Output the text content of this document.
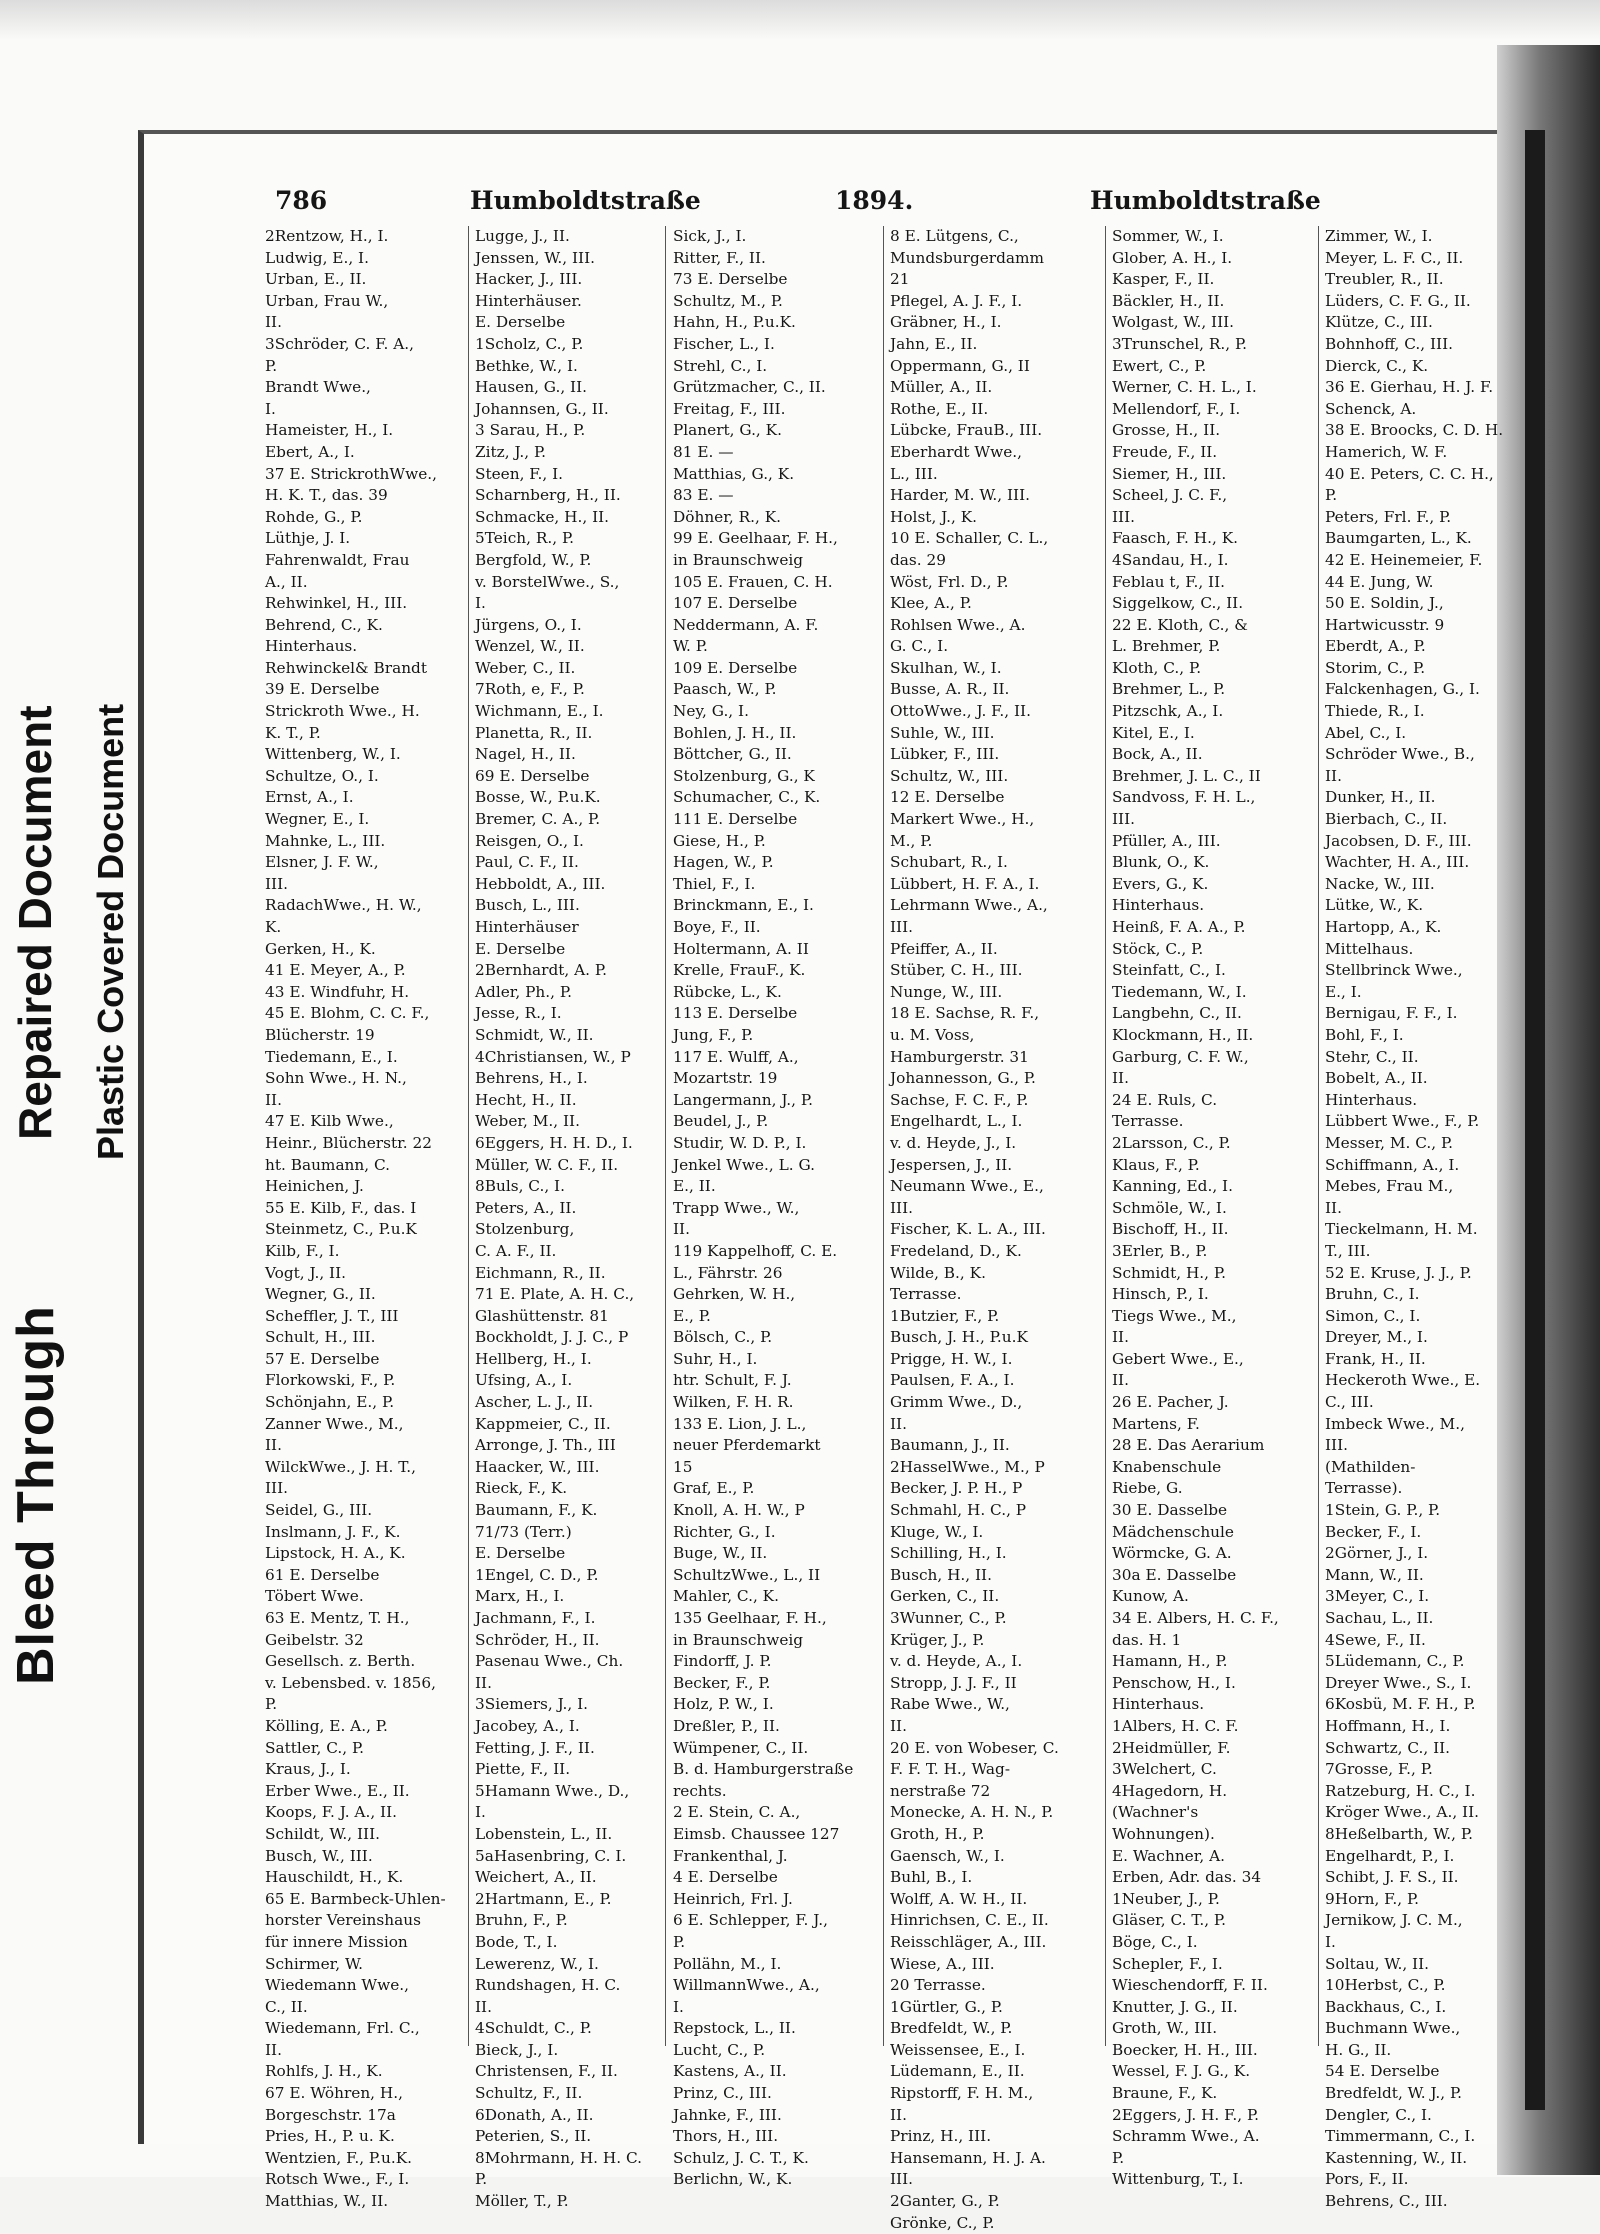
Bleed Through
Repaired Document Plastic Covered Document
786	Humboldtstraße	1894.	Humboldtstraße
2Rentzow, H., I.
Ludwig, E., I.
Urban, E., II.
Urban, Frau W.,
II.
3Schröder, C. F. A.,
P.
Brandt Wwe.,
I.
Hameister, H., I.
Ebert, A., I.
37 E. StrickrothWwe.,
H. K. T., das. 39
Rohde, G., P.
Lüthje, J. I.
Fahrenwaldt, Frau
A., II.
Rehwinkel, H., III.
Behrend, C., K.
Hinterhaus.
Rehwinckel& Brandt
39 E. Derselbe
Strickroth Wwe., H.
K. T., P.
Wittenberg, W., I.
Schultze, O., I.
Ernst, A., I.
Wegner, E., I.
Mahnke, L., III.
Elsner, J. F. W.,
III.
RadachWwe., H. W.,
K.
Gerken, H., K.
41 E. Meyer, A., P.
43 E. Windfuhr, H.
45 E. Blohm, C. C. F.,
Blücherstr. 19
Tiedemann, E., I.
Sohn Wwe., H. N.,
II.
47 E. Kilb Wwe.,
Heinr., Blücherstr. 22
ht. Baumann, C.
Heinichen, J.
55 E. Kilb, F., das. I
Steinmetz, C., P.u.K
Kilb, F., I.
Vogt, J., II.
Wegner, G., II.
Scheffler, J. T., III
Schult, H., III.
57 E. Derselbe
Florkowski, F., P.
Schönjahn, E., P.
Zanner Wwe., M.,
II.
WilckWwe., J. H. T.,
III.
Seidel, G., III.
Inslmann, J. F., K.
Lipstock, H. A., K.
61 E. Derselbe
Töbert Wwe.
63 E. Mentz, T. H.,
Geibelstr. 32
Gesellsch. z. Berth.
v. Lebensbed. v. 1856,
P.
Kölling, E. A., P.
Sattler, C., P.
Kraus, J., I.
Erber Wwe., E., II.
Koops, F. J. A., II.
Schildt, W., III.
Busch, W., III.
Hauschildt, H., K.
65 E. Barmbeck-Uhlen-
horster Vereinshaus
für innere Mission
Schirmer, W.
Wiedemann Wwe.,
C., II.
Wiedemann, Frl. C.,
II.
Rohlfs, J. H., K.
67 E. Wöhren, H.,
Borgeschstr. 17a
Pries, H., P. u. K.
Wentzien, F., P.u.K.
Rotsch Wwe., F., I.
Matthias, W., II.
Lugge, J., II.
Jenssen, W., III.
Hacker, J., III.
Hinterhäuser.
E. Derselbe
1Scholz, C., P.
Bethke, W., I.
Hausen, G., II.
Johannsen, G., II.
3 Sarau, H., P.
Zitz, J., P.
Steen, F., I.
Scharnberg, H., II.
Schmacke, H., II.
5Teich, R., P.
Bergfold, W., P.
v. BorstelWwe., S.,
I.
Jürgens, O., I.
Wenzel, W., II.
Weber, C., II.
7Roth, e, F., P.
Wichmann, E., I.
Planetta, R., II.
Nagel, H., II.
69 E. Derselbe
Bosse, W., P.u.K.
Bremer, C. A., P.
Reisgen, O., I.
Paul, C. F., II.
Hebboldt, A., III.
Busch, L., III.
Hinterhäuser
E. Derselbe
2Bernhardt, A. P.
Adler, Ph., P.
Jesse, R., I.
Schmidt, W., II.
4Christiansen, W., P
Behrens, H., I.
Hecht, H., II.
Weber, M., II.
6Eggers, H. H. D., I.
Müller, W. C. F., II.
8Buls, C., I.
Peters, A., II.
Stolzenburg,
C. A. F., II.
Eichmann, R., II.
71 E. Plate, A. H. C.,
Glashüttenstr. 81
Bockholdt, J. J. C., P
Hellberg, H., I.
Ufsing, A., I.
Ascher, L. J., II.
Kappmeier, C., II.
Arronge, J. Th., III
Haacker, W., III.
Rieck, F., K.
Baumann, F., K.
71/73 (Terr.)
E. Derselbe
1Engel, C. D., P.
Marx, H., I.
Jachmann, F., I.
Schröder, H., II.
Pasenau Wwe., Ch.
II.
3Siemers, J., I.
Jacobey, A., I.
Fetting, J. F., II.
Piette, F., II.
5Hamann Wwe., D.,
I.
Lobenstein, L., II.
5aHasenbring, C. I.
Weichert, A., II.
2Hartmann, E., P.
Bruhn, F., P.
Bode, T., I.
Lewerenz, W., I.
Rundshagen, H. C.
II.
4Schuldt, C., P.
Bieck, J., I.
Christensen, F., II.
Schultz, F., II.
6Donath, A., II.
Peterien, S., II.
8Mohrmann, H. H. C.
P.
Möller, T., P.
Sick, J., I.
Ritter, F., II.
73 E. Derselbe
Schultz, M., P.
Hahn, H., P.u.K.
Fischer, L., I.
Strehl, C., I.
Grützmacher, C., II.
Freitag, F., III.
Planert, G., K.
81 E. —
Matthias, G., K.
83 E. —
Döhner, R., K.
99 E. Geelhaar, F. H.,
in Braunschweig
105 E. Frauen, C. H.
107 E. Derselbe
Neddermann, A. F.
W. P.
109 E. Derselbe
Paasch, W., P.
Ney, G., I.
Bohlen, J. H., II.
Böttcher, G., II.
Stolzenburg, G., K
Schumacher, C., K.
111 E. Derselbe
Giese, H., P.
Hagen, W., P.
Thiel, F., I.
Brinckmann, E., I.
Boye, F., II.
Holtermann, A. II
Krelle, FrauF., K.
Rübcke, L., K.
113 E. Derselbe
Jung, F., P.
117 E. Wulff, A.,
Mozartstr. 19
Langermann, J., P.
Beudel, J., P.
Studir, W. D. P., I.
Jenkel Wwe., L. G.
E., II.
Trapp Wwe., W.,
II.
119 Kappelhoff, C. E.
L., Fährstr. 26
Gehrken, W. H.,
E., P.
Bölsch, C., P.
Suhr, H., I.
htr. Schult, F. J.
Wilken, F. H. R.
133 E. Lion, J. L.,
neuer Pferdemarkt
15
Graf, E., P.
Knoll, A. H. W., P
Richter, G., I.
Buge, W., II.
SchultzWwe., L., II
Mahler, C., K.
135 Geelhaar, F. H.,
in Braunschweig
Findorff, J. P.
Becker, F., P.
Holz, P. W., I.
Dreßler, P., II.
Wümpener, C., II.
B. d. Hamburgerstraße
rechts.
2 E. Stein, C. A.,
Eimsb. Chaussee 127
Frankenthal, J.
4 E. Derselbe
Heinrich, Frl. J.
6 E. Schlepper, F. J.,
P.
Pollähn, M., I.
WillmannWwe., A.,
I.
Repstock, L., II.
Lucht, C., P.
Kastens, A., II.
Prinz, C., III.
Jahnke, F., III.
Thors, H., III.
Schulz, J. C. T., K.
Berlichn, W., K.
8 E. Lütgens, C.,
Mundsburgerdamm
21
Pflegel, A. J. F., I.
Gräbner, H., I.
Jahn, E., II.
Oppermann, G., II
Müller, A., II.
Rothe, E., II.
Lübcke, FrauB., III.
Eberhardt Wwe.,
L., III.
Harder, M. W., III.
Holst, J., K.
10 E. Schaller, C. L.,
das. 29
Wöst, Frl. D., P.
Klee, A., P.
Rohlsen Wwe., A.
G. C., I.
Skulhan, W., I.
Busse, A. R., II.
OttoWwe., J. F., II.
Suhle, W., III.
Lübker, F., III.
Schultz, W., III.
12 E. Derselbe
Markert Wwe., H.,
M., P.
Schubart, R., I.
Lübbert, H. F. A., I.
Lehrmann Wwe., A.,
III.
Pfeiffer, A., II.
Stüber, C. H., III.
Nunge, W., III.
18 E. Sachse, R. F.,
u. M. Voss,
Hamburgerstr. 31
Johannesson, G., P.
Sachse, F. C. F., P.
Engelhardt, L., I.
v. d. Heyde, J., I.
Jespersen, J., II.
Neumann Wwe., E.,
III.
Fischer, K. L. A., III.
Fredeland, D., K.
Wilde, B., K.
Terrasse.
1Butzier, F., P.
Busch, J. H., P.u.K
Prigge, H. W., I.
Paulsen, F. A., I.
Grimm Wwe., D.,
II.
Baumann, J., II.
2HasselWwe., M., P
Becker, J. P. H., P
Schmahl, H. C., P
Kluge, W., I.
Schilling, H., I.
Busch, H., II.
Gerken, C., II.
3Wunner, C., P.
Krüger, J., P.
v. d. Heyde, A., I.
Stropp, J. J. F., II
Rabe Wwe., W.,
II.
20 E. von Wobeser, C.
F. F. T. H., Wag-
nerstraße 72
Monecke, A. H. N., P.
Groth, H., P.
Gaensch, W., I.
Buhl, B., I.
Wolff, A. W. H., II.
Hinrichsen, C. E., II.
Reisschläger, A., III.
Wiese, A., III.
20 Terrasse.
1Gürtler, G., P.
Bredfeldt, W., P.
Weissensee, E., I.
Lüdemann, E., II.
Ripstorff, F. H. M.,
II.
Prinz, H., III.
Hansemann, H. J. A.
III.
2Ganter, G., P.
Grönke, C., P.
Sommer, W., I.
Glober, A. H., I.
Kasper, F., II.
Bäckler, H., II.
Wolgast, W., III.
3Trunschel, R., P.
Ewert, C., P.
Werner, C. H. L., I.
Mellendorf, F., I.
Grosse, H., II.
Freude, F., II.
Siemer, H., III.
Scheel, J. C. F.,
III.
Faasch, F. H., K.
4Sandau, H., I.
Feblau t, F., II.
Siggelkow, C., II.
22 E. Kloth, C., &
L. Brehmer, P.
Kloth, C., P.
Brehmer, L., P.
Pitzschk, A., I.
Kitel, E., I.
Bock, A., II.
Brehmer, J. L. C., II
Sandvoss, F. H. L.,
III.
Pfüller, A., III.
Blunk, O., K.
Evers, G., K.
Hinterhaus.
Heinß, F. A. A., P.
Stöck, C., P.
Steinfatt, C., I.
Tiedemann, W., I.
Langbehn, C., II.
Klockmann, H., II.
Garburg, C. F. W.,
II.
24 E. Ruls, C.
Terrasse.
2Larsson, C., P.
Klaus, F., P.
Kanning, Ed., I.
Schmöle, W., I.
Bischoff, H., II.
3Erler, B., P.
Schmidt, H., P.
Hinsch, P., I.
Tiegs Wwe., M.,
II.
Gebert Wwe., E.,
II.
26 E. Pacher, J.
Martens, F.
28 E. Das Aerarium
Knabenschule
Riebe, G.
30 E. Dasselbe
Mädchenschule
Wörmcke, G. A.
30a E. Dasselbe
Kunow, A.
34 E. Albers, H. C. F.,
das. H. 1
Hamann, H., P.
Penschow, H., I.
Hinterhaus.
1Albers, H. C. F.
2Heidmüller, F.
3Welchert, C.
4Hagedorn, H.
(Wachner's
Wohnungen).
E. Wachner, A.
Erben, Adr. das. 34
1Neuber, J., P.
Gläser, C. T., P.
Böge, C., I.
Schepler, F., I.
Wieschendorff, F. II.
Knutter, J. G., II.
Groth, W., III.
Boecker, H. H., III.
Wessel, F. J. G., K.
Braune, F., K.
2Eggers, J. H. F., P.
Schramm Wwe., A.
P.
Wittenburg, T., I.
Zimmer, W., I.
Meyer, L. F. C., II.
Treubler, R., II.
Lüders, C. F. G., II.
Klütze, C., III.
Bohnhoff, C., III.
Dierck, C., K.
36 E. Gierhau, H. J. F.
Schenck, A.
38 E. Broocks, C. D. H.
Hamerich, W. F.
40 E. Peters, C. C. H.,
P.
Peters, Frl. F., P.
Baumgarten, L., K.
42 E. Heinemeier, F.
44 E. Jung, W.
50 E. Soldin, J.,
Hartwicusstr. 9
Eberdt, A., P.
Storim, C., P.
Falckenhagen, G., I.
Thiede, R., I.
Abel, C., I.
Schröder Wwe., B.,
II.
Dunker, H., II.
Bierbach, C., II.
Jacobsen, D. F., III.
Wachter, H. A., III.
Nacke, W., III.
Lütke, W., K.
Hartopp, A., K.
Mittelhaus.
Stellbrinck Wwe.,
E., I.
Bernigau, F. F., I.
Bohl, F., I.
Stehr, C., II.
Bobelt, A., II.
Hinterhaus.
Lübbert Wwe., F., P.
Messer, M. C., P.
Schiffmann, A., I.
Mebes, Frau M.,
II.
Tieckelmann, H. M.
T., III.
52 E. Kruse, J. J., P.
Bruhn, C., I.
Simon, C., I.
Dreyer, M., I.
Frank, H., II.
Heckeroth Wwe., E.
C., III.
Imbeck Wwe., M.,
III.
(Mathilden-
Terrasse).
1Stein, G. P., P.
Becker, F., I.
2Görner, J., I.
Mann, W., II.
3Meyer, C., I.
Sachau, L., II.
4Sewe, F., II.
5Lüdemann, C., P.
Dreyer Wwe., S., I.
6Kosbü, M. F. H., P.
Hoffmann, H., I.
Schwartz, C., II.
7Grosse, F., P.
Ratzeburg, H. C., I.
Kröger Wwe., A., II.
8Heßelbarth, W., P.
Engelhardt, P., I.
Schibt, J. F. S., II.
9Horn, F., P.
Jernikow, J. C. M.,
I.
Soltau, W., II.
10Herbst, C., P.
Backhaus, C., I.
Buchmann Wwe.,
H. G., II.
54 E. Derselbe
Bredfeldt, W. J., P.
Dengler, C., I.
Timmermann, C., I.
Kastenning, W., II.
Pors, F., II.
Behrens, C., III.
